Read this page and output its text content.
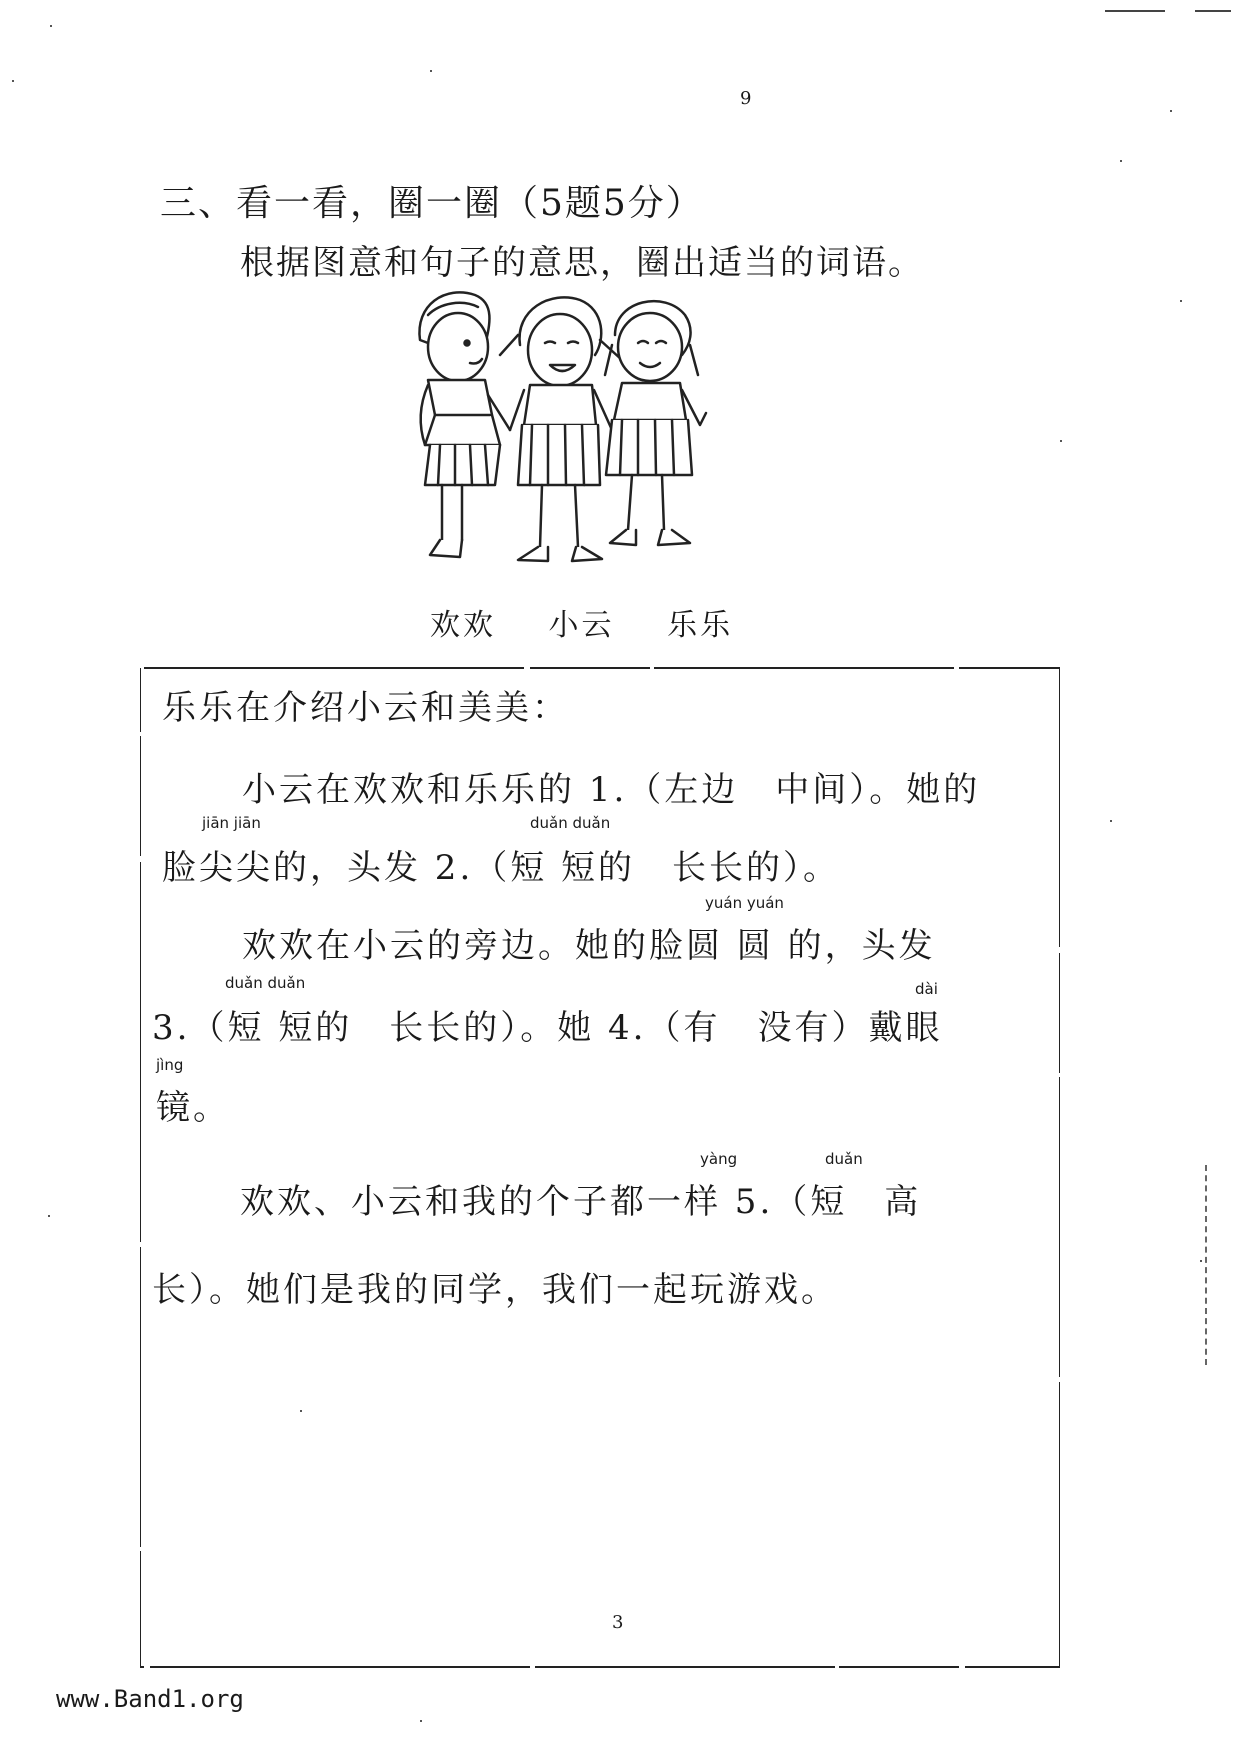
9
三、看一看，圈一圈（5题5分）
根据图意和句子的意思，圈出适当的词语。
欢欢 小云 乐乐
乐乐在介绍小云和美美：
小云在欢欢和乐乐的 1.（左边　中间）。她的
jiān jiān	duǎn duǎn
脸尖尖的，头发 2.（短 短的　长长的）。
yuán yuán
欢欢在小云的旁边。她的脸圆 圆 的，头发
duǎn duǎn	dài
3.（短 短的　长长的）。她 4.（有　没有）戴眼
jìng
镜。
yàng	duǎn
欢欢、小云和我的个子都一样 5.（短　高
长）。她们是我的同学，我们一起玩游戏。
3
www.Band1.org
